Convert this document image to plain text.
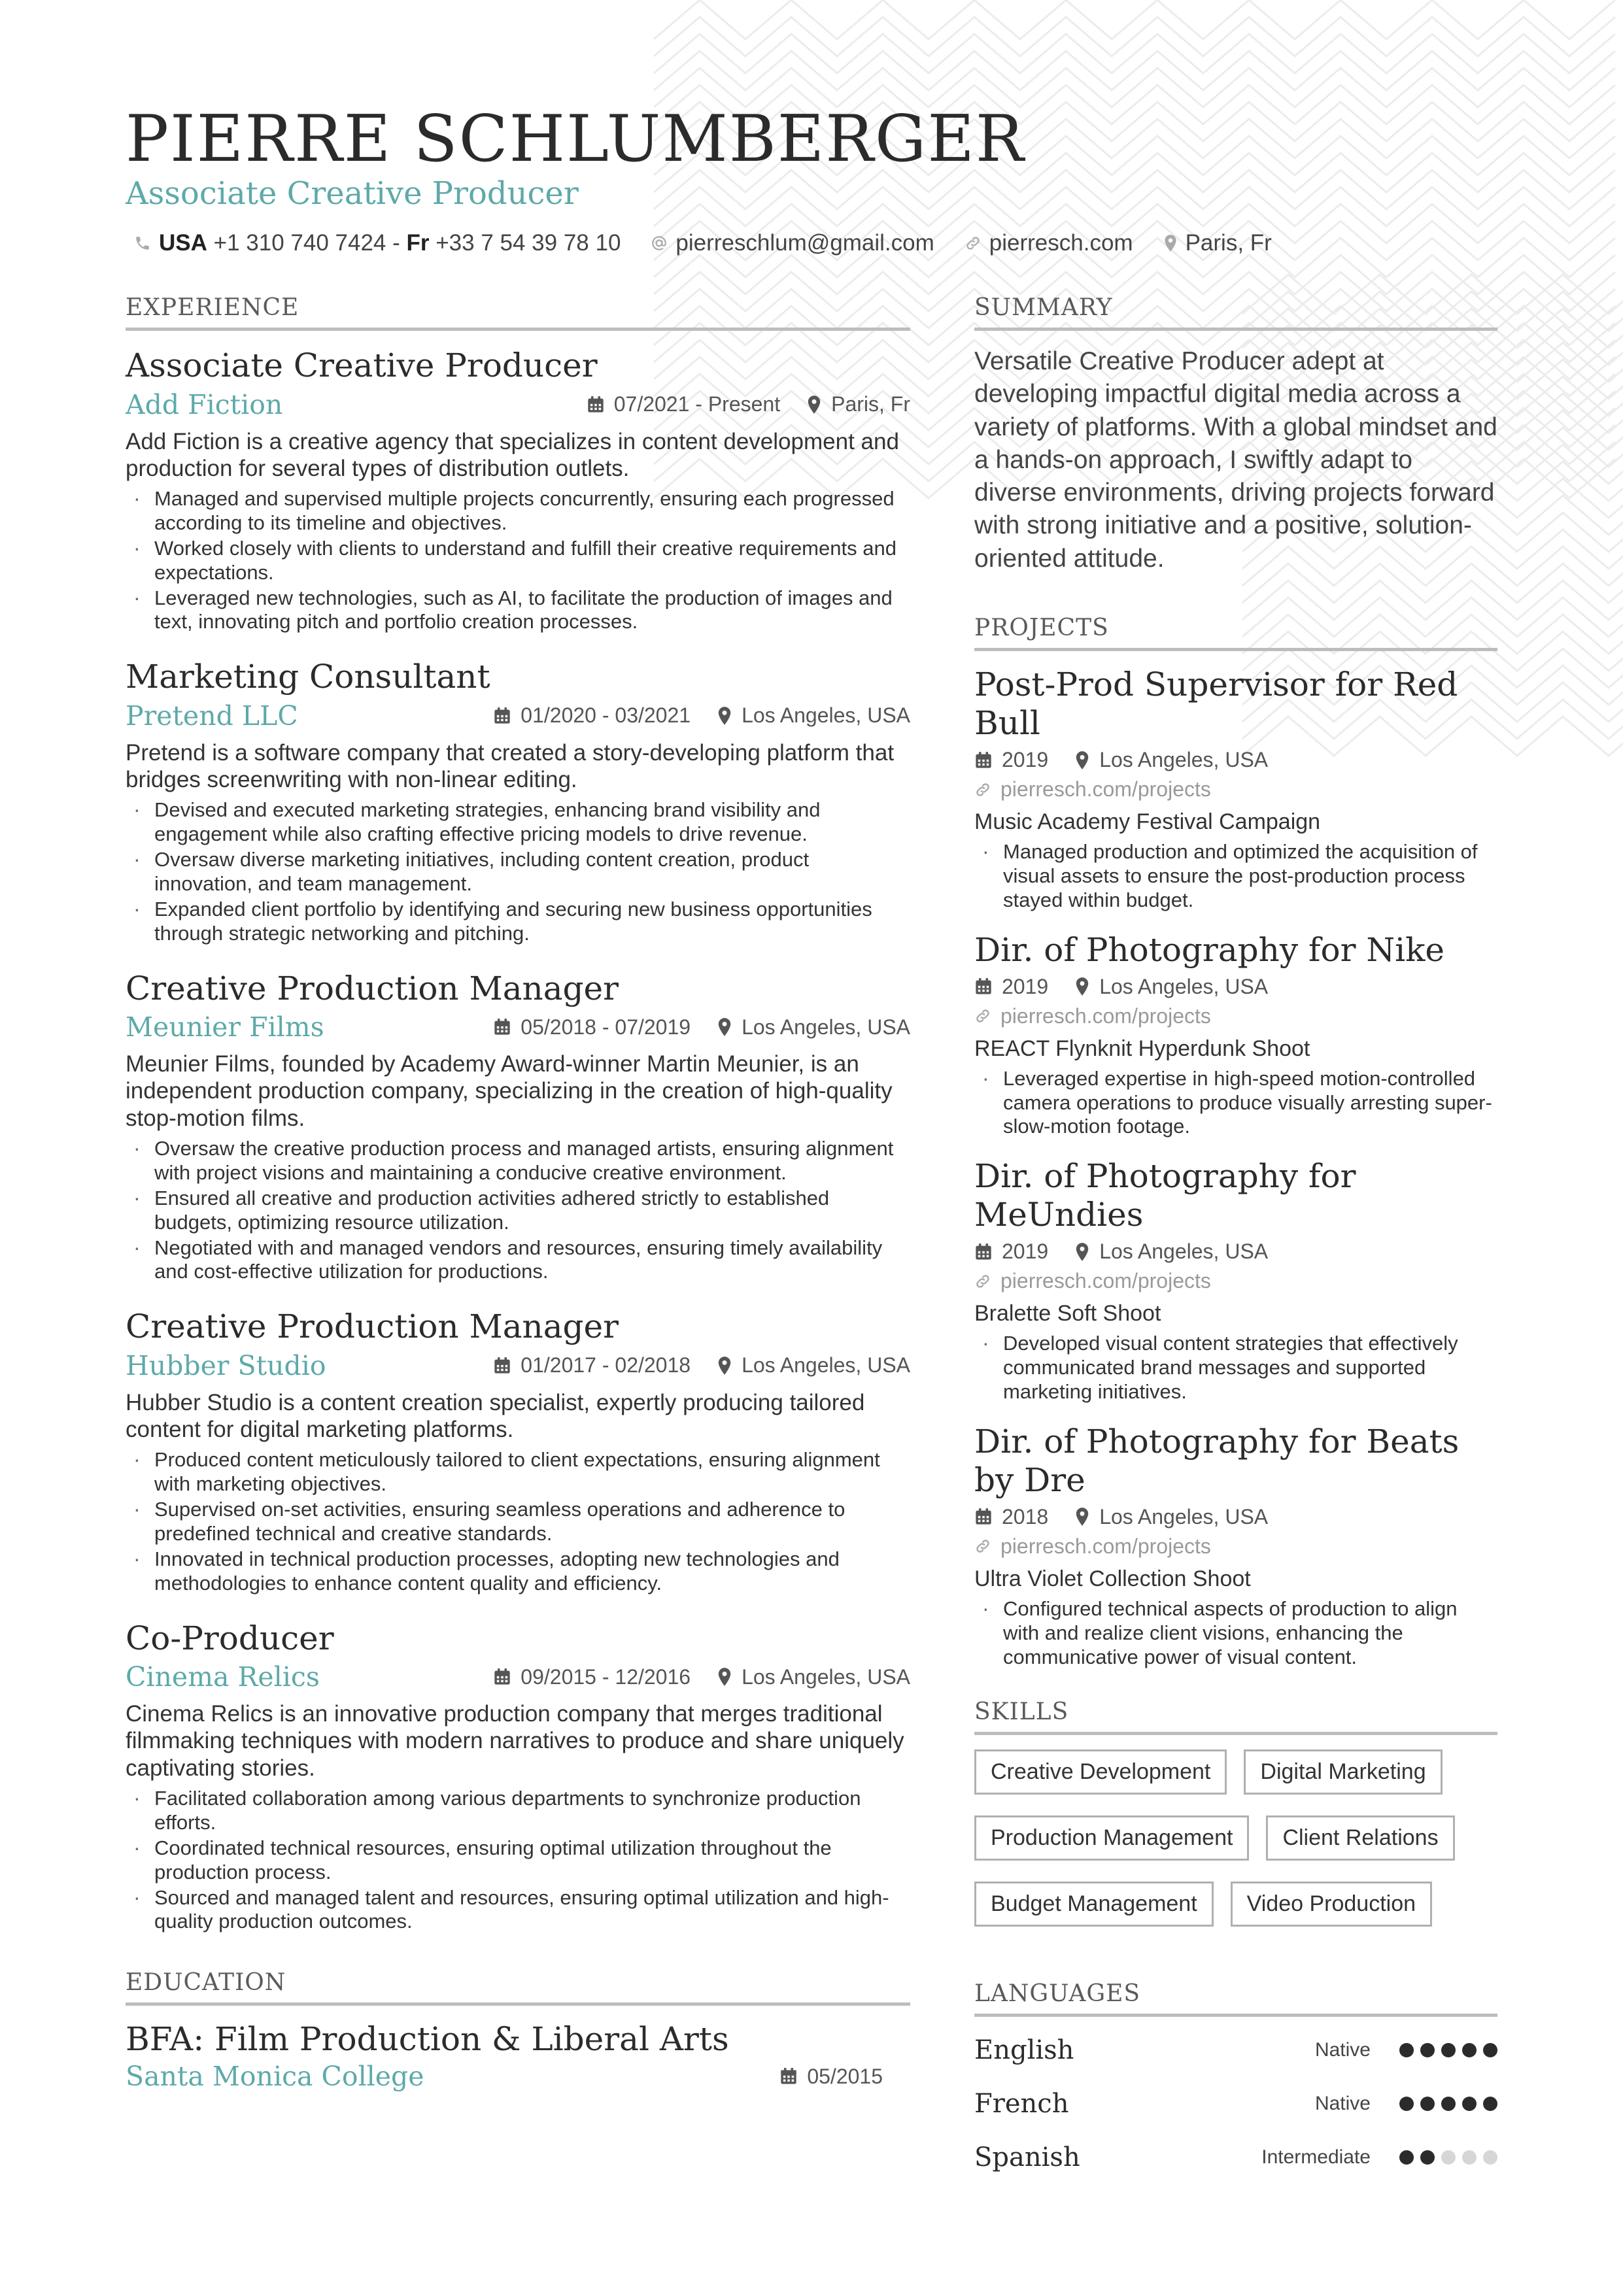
PIERRE SCHLUMBERGER
Associate Creative Producer
USA
+1 310 740 7424 -
Fr
+33 7 54 39 78 10 pierreschlum@gmail.com pierresch.com Paris, Fr
EXPERIENCE
Associate Creative Producer
Add Fiction	07/2021 - Present Paris, Fr
Add Fiction is a creative agency that specializes in content development and production for several types of distribution outlets.
· Managed and supervised multiple projects concurrently, ensuring each progressed according to its timeline and objectives.
· Worked closely with clients to understand and fulfill their creative requirements and expectations.
· Leveraged new technologies, such as AI, to facilitate the production of images and text, innovating pitch and portfolio creation processes.
Marketing Consultant
Pretend LLC	01/2020 - 03/2021 Los Angeles, USA
Pretend is a software company that created a story-developing platform that bridges screenwriting with non-linear editing.
· Devised and executed marketing strategies, enhancing brand visibility and engagement while also crafting effective pricing models to drive revenue.
· Oversaw diverse marketing initiatives, including content creation, product innovation, and team management.
· Expanded client portfolio by identifying and securing new business opportunities through strategic networking and pitching.
Creative Production Manager
Meunier Films	05/2018 - 07/2019 Los Angeles, USA
Meunier Films, founded by Academy Award-winner Martin Meunier, is an independent production company, specializing in the creation of high-quality stop-motion films.
· Oversaw the creative production process and managed artists, ensuring alignment with project visions and maintaining a conducive creative environment.
· Ensured all creative and production activities adhered strictly to established budgets, optimizing resource utilization.
· Negotiated with and managed vendors and resources, ensuring timely availability and cost-effective utilization for productions.
Creative Production Manager
Hubber Studio	01/2017 - 02/2018 Los Angeles, USA
Hubber Studio is a content creation specialist, expertly producing tailored content for digital marketing platforms.
· Produced content meticulously tailored to client expectations, ensuring alignment with marketing objectives.
· Supervised on-set activities, ensuring seamless operations and adherence to predefined technical and creative standards.
· Innovated in technical production processes, adopting new technologies and methodologies to enhance content quality and efficiency.
Co-Producer
Cinema Relics	09/2015 - 12/2016 Los Angeles, USA
Cinema Relics is an innovative production company that merges traditional filmmaking techniques with modern narratives to produce and share uniquely captivating stories.
· Facilitated collaboration among various departments to synchronize production efforts.
· Coordinated technical resources, ensuring optimal utilization throughout the production process.
· Sourced and managed talent and resources, ensuring optimal utilization and high-quality production outcomes.
EDUCATION
BFA: Film Production & Liberal Arts
Santa Monica College	05/2015
SUMMARY
Versatile Creative Producer adept at developing impactful digital media across a variety of platforms. With a global mindset and a hands-on approach, I swiftly adapt to diverse environments, driving projects forward with strong initiative and a positive, solution-oriented attitude.
PROJECTS
Post-Prod Supervisor for Red Bull
2019 Los Angeles, USA
pierresch.com/projects
Music Academy Festival Campaign
· Managed production and optimized the acquisition of visual assets to ensure the post-production process stayed within budget.
Dir. of Photography for Nike
2019 Los Angeles, USA
pierresch.com/projects
REACT Flynknit Hyperdunk Shoot
· Leveraged expertise in high-speed motion-controlled camera operations to produce visually arresting super-slow-motion footage.
Dir. of Photography for MeUndies
2019 Los Angeles, USA
pierresch.com/projects
Bralette Soft Shoot
· Developed visual content strategies that effectively communicated brand messages and supported marketing initiatives.
Dir. of Photography for Beats by Dre
2018 Los Angeles, USA
pierresch.com/projects
Ultra Violet Collection Shoot
· Configured technical aspects of production to align with and realize client visions, enhancing the communicative power of visual content.
SKILLS
Creative Development	Digital Marketing
Production Management	Client Relations
Budget Management	Video Production
LANGUAGES
English	Native
French	Native
Spanish	Intermediate
